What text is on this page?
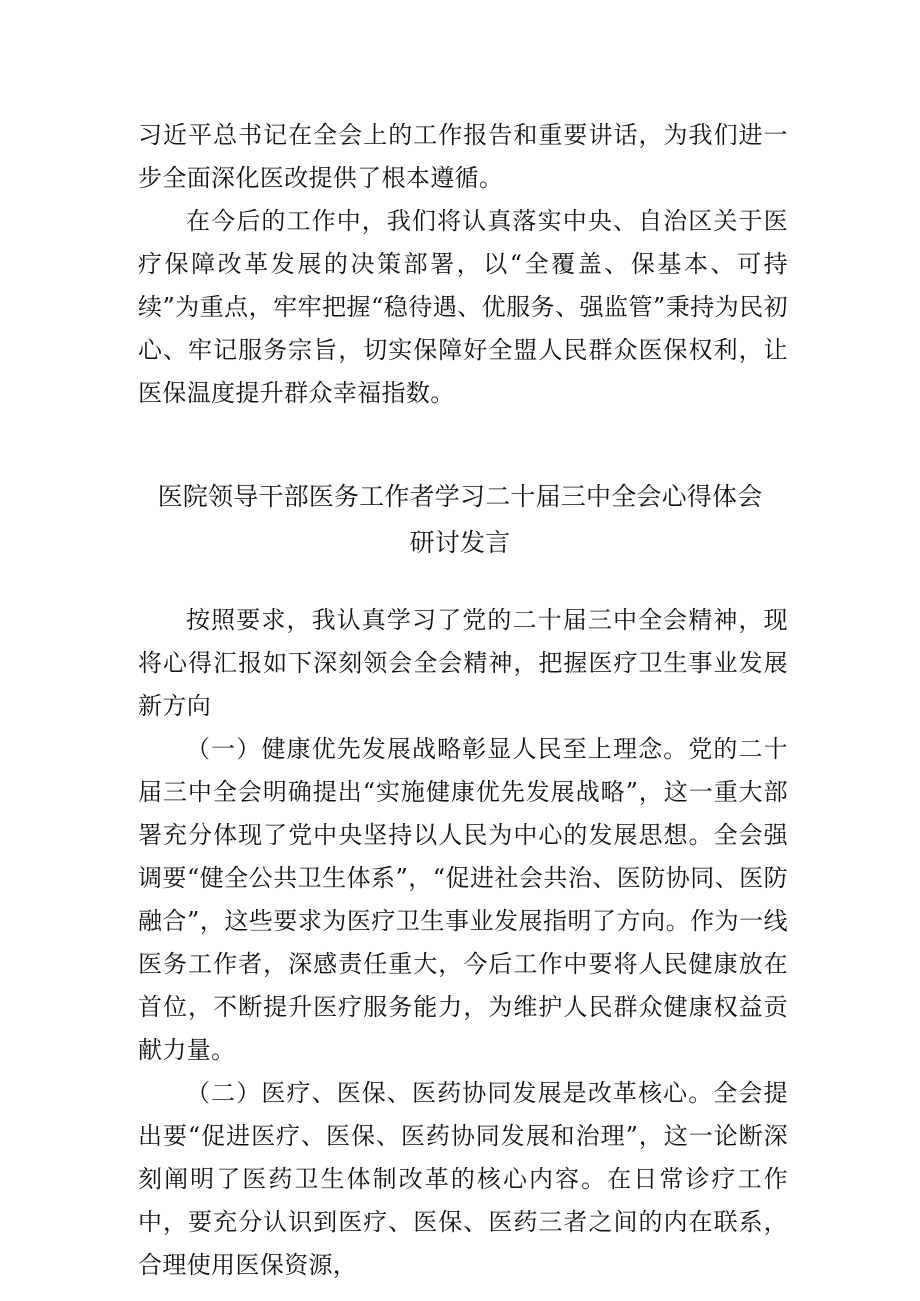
习近平总书记在全会上的工作报告和重要讲话，为我们进一步全面深化医改提供了根本遵循。

在今后的工作中，我们将认真落实中央、自治区关于医疗保障改革发展的决策部署，以“全覆盖、保基本、可持续”为重点，牢牢把握“稳待遇、优服务、强监管”秉持为民初心、牢记服务宗旨，切实保障好全盟人民群众医保权利，让医保温度提升群众幸福指数。

医院领导干部医务工作者学习二十届三中全会心得体会研讨发言

按照要求，我认真学习了党的二十届三中全会精神，现将心得汇报如下深刻领会全会精神，把握医疗卫生事业发展新方向

（一）健康优先发展战略彰显人民至上理念。党的二十届三中全会明确提出“实施健康优先发展战略”，这一重大部署充分体现了党中央坚持以人民为中心的发展思想。全会强调要“健全公共卫生体系”，“促进社会共治、医防协同、医防融合”，这些要求为医疗卫生事业发展指明了方向。作为一线医务工作者，深感责任重大，今后工作中要将人民健康放在首位，不断提升医疗服务能力，为维护人民群众健康权益贡献力量。

（二）医疗、医保、医药协同发展是改革核心。全会提出要“促进医疗、医保、医药协同发展和治理”，这一论断深刻阐明了医药卫生体制改革的核心内容。在日常诊疗工作中，要充分认识到医疗、医保、医药三者之间的内在联系，合理使用医保资源，
